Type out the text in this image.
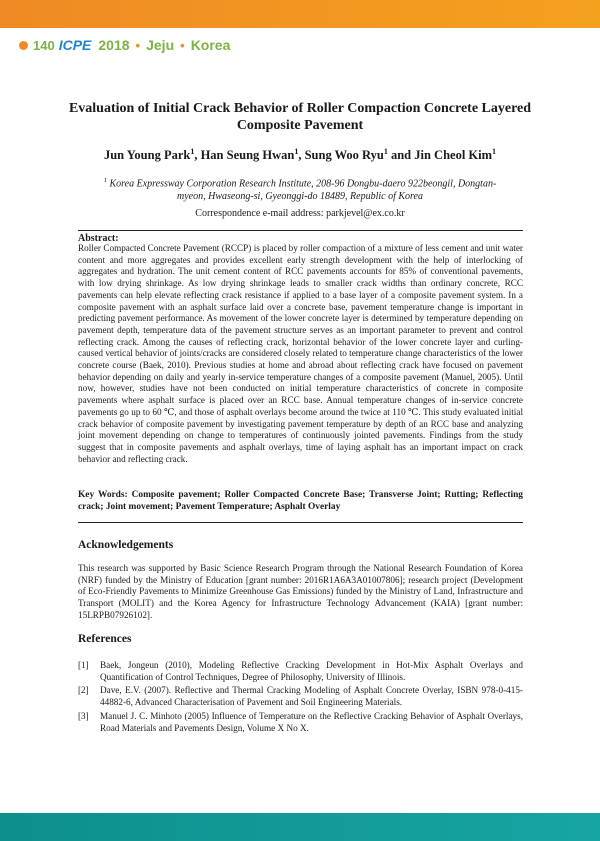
140 ICPE 2018 • Jeju • Korea
Evaluation of Initial Crack Behavior of Roller Compaction Concrete Layered Composite Pavement
Jun Young Park$^1$, Han Seung Hwan$^1$, Sung Woo Ryu$^1$ and Jin Cheol Kim$^1$
$^1$ Korea Expressway Corporation Research Institute, 208-96 Dongbu-daero 922beongil, Dongtan-myeon, Hwaseong-si, Gyeonggi-do 18489, Republic of Korea
Correspondence e-mail address: parkjevel@ex.co.kr
Abstract:
Roller Compacted Concrete Pavement (RCCP) is placed by roller compaction of a mixture of less cement and unit water content and more aggregates and provides excellent early strength development with the help of interlocking of aggregates and hydration. The unit cement content of RCC pavements accounts for 85% of conventional pavements, with low drying shrinkage. As low drying shrinkage leads to smaller crack widths than ordinary concrete, RCC pavements can help elevate reflecting crack resistance if applied to a base layer of a composite pavement system. In a composite pavement with an asphalt surface laid over a concrete base, pavement temperature change is important in predicting pavement performance. As movement of the lower concrete layer is determined by temperature depending on pavement depth, temperature data of the pavement structure serves as an important parameter to prevent and control reflecting crack. Among the causes of reflecting crack, horizontal behavior of the lower concrete layer and curling-caused vertical behavior of joints/cracks are considered closely related to temperature change characteristics of the lower concrete course (Baek, 2010). Previous studies at home and abroad about reflecting crack have focused on pavement behavior depending on daily and yearly in-service temperature changes of a composite pavement (Manuel, 2005). Until now, however, studies have not been conducted on initial temperature characteristics of concrete in composite pavements where asphalt surface is placed over an RCC base. Annual temperature changes of in-service concrete pavements go up to 60 ℃, and those of asphalt overlays become around the twice at 110 ℃. This study evaluated initial crack behavior of composite pavement by investigating pavement temperature by depth of an RCC base and analyzing joint movement depending on change to temperatures of continuously jointed pavements. Findings from the study suggest that in composite pavements and asphalt overlays, time of laying asphalt has an important impact on crack behavior and reflecting crack.
Key Words: Composite pavement; Roller Compacted Concrete Base; Transverse Joint; Rutting; Reflecting crack; Joint movement; Pavement Temperature; Asphalt Overlay
Acknowledgements
This research was supported by Basic Science Research Program through the National Research Foundation of Korea (NRF) funded by the Ministry of Education [grant number: 2016R1A6A3A01007806]; research project (Development of Eco-Friendly Pavements to Minimize Greenhouse Gas Emissions) funded by the Ministry of Land, Infrastructure and Transport (MOLIT) and the Korea Agency for Infrastructure Technology Advancement (KAIA) [grant number: 15LRPB07926102].
References
[1]	Baek, Jongeun (2010), Modeling Reflective Cracking Development in Hot-Mix Asphalt Overlays and Quantification of Control Techniques, Degree of Philosophy, University of Illinois.
[2]	Dave, E.V. (2007). Reflective and Thermal Cracking Modeling of Asphalt Concrete Overlay, ISBN 978-0-415-44882-6, Advanced Characterisation of Pavement and Soil Engineering Materials.
[3]	Manuel J. C. Minhoto (2005) Influence of Temperature on the Reflective Cracking Behavior of Asphalt Overlays, Road Materials and Pavements Design, Volume X No X.
